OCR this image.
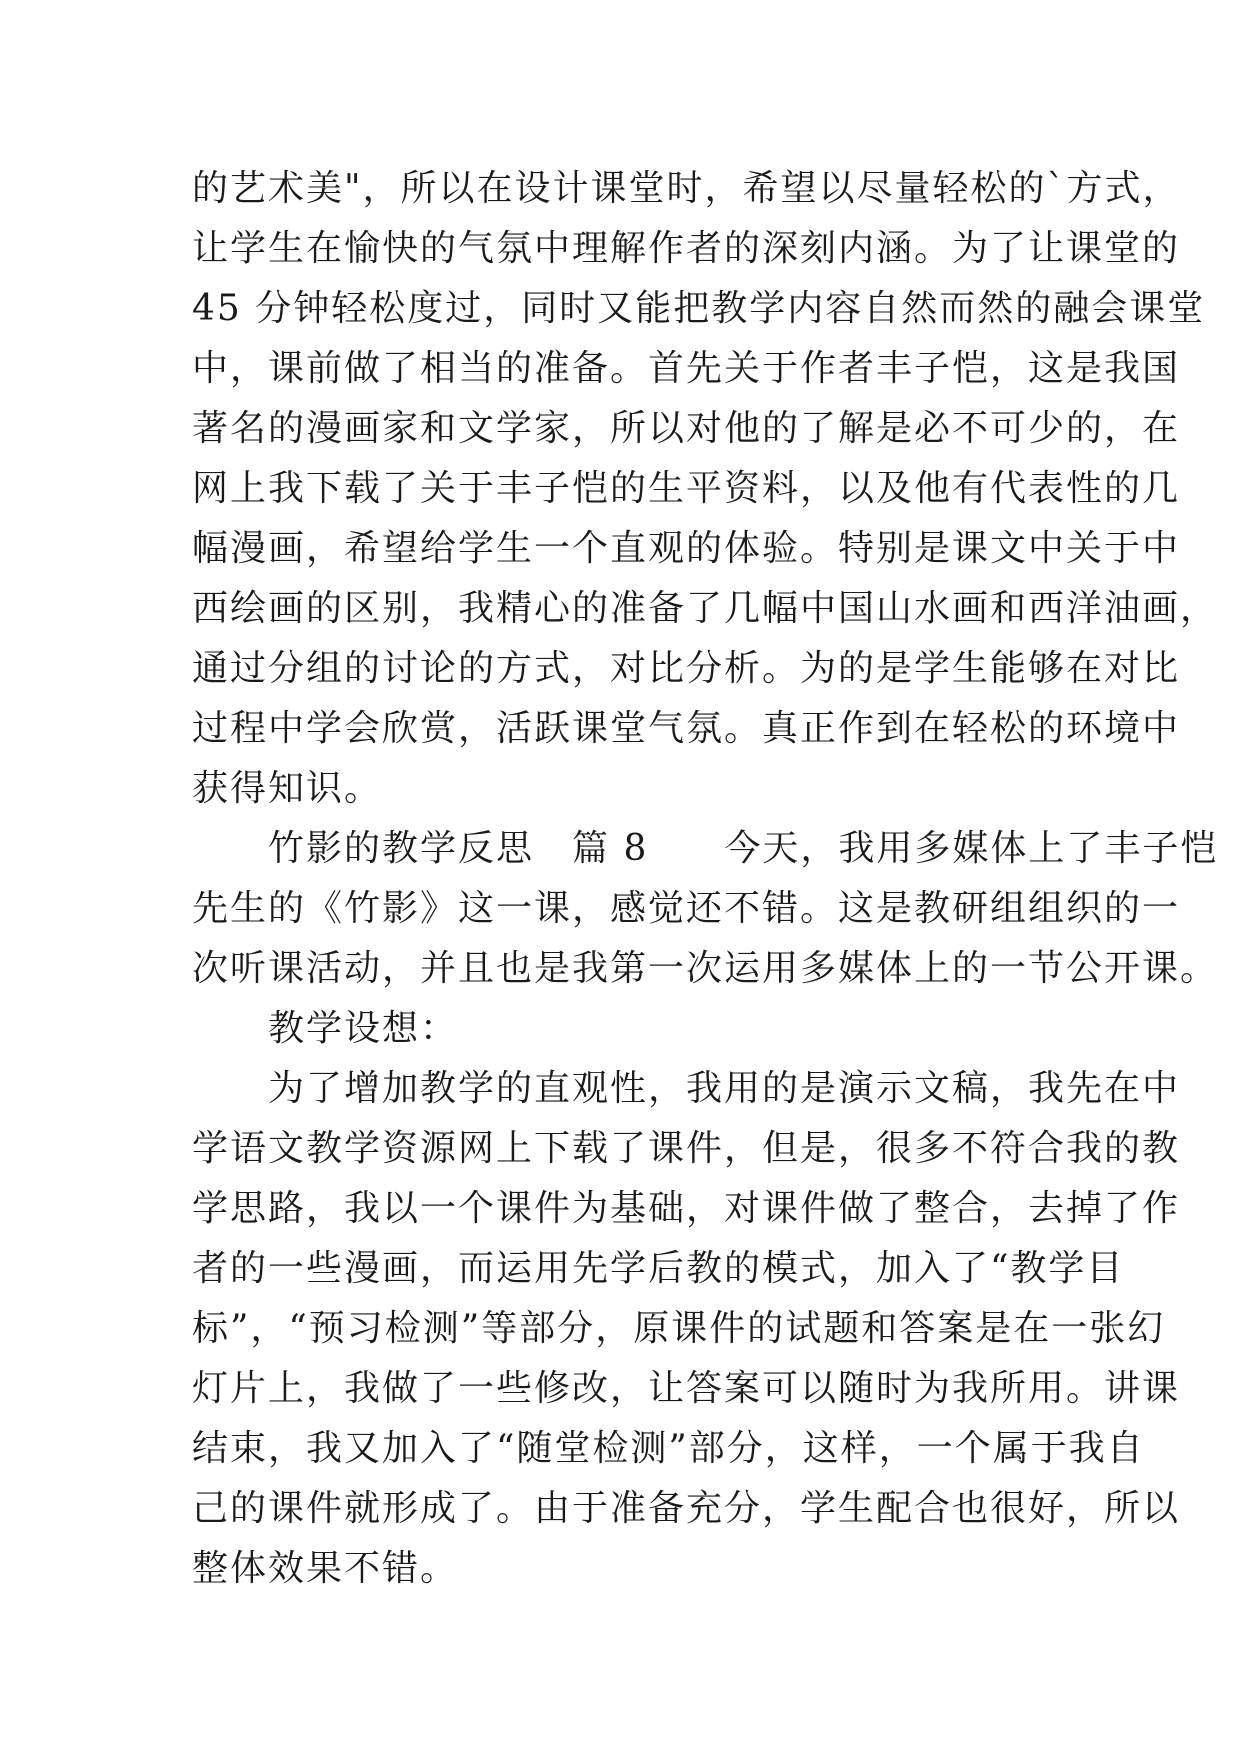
的艺术美"，所以在设计课堂时，希望以尽量轻松的`方式，
让学生在愉快的气氛中理解作者的深刻内涵。为了让课堂的
45 分钟轻松度过，同时又能把教学内容自然而然的融会课堂
中，课前做了相当的准备。首先关于作者丰子恺，这是我国
著名的漫画家和文学家，所以对他的了解是必不可少的，在
网上我下载了关于丰子恺的生平资料，以及他有代表性的几
幅漫画，希望给学生一个直观的体验。特别是课文中关于中
西绘画的区别，我精心的准备了几幅中国山水画和西洋油画，
通过分组的讨论的方式，对比分析。为的是学生能够在对比
过程中学会欣赏，活跃课堂气氛。真正作到在轻松的环境中
获得知识。
　　竹影的教学反思　篇 8　　今天，我用多媒体上了丰子恺
先生的《竹影》这一课，感觉还不错。这是教研组组织的一
次听课活动，并且也是我第一次运用多媒体上的一节公开课。
　　教学设想：
　　为了增加教学的直观性，我用的是演示文稿，我先在中
学语文教学资源网上下载了课件，但是，很多不符合我的教
学思路，我以一个课件为基础，对课件做了整合，去掉了作
者的一些漫画，而运用先学后教的模式，加入了“教学目
标”，“预习检测”等部分，原课件的试题和答案是在一张幻
灯片上，我做了一些修改，让答案可以随时为我所用。讲课
结束，我又加入了“随堂检测”部分，这样，一个属于我自
己的课件就形成了。由于准备充分，学生配合也很好，所以
整体效果不错。
